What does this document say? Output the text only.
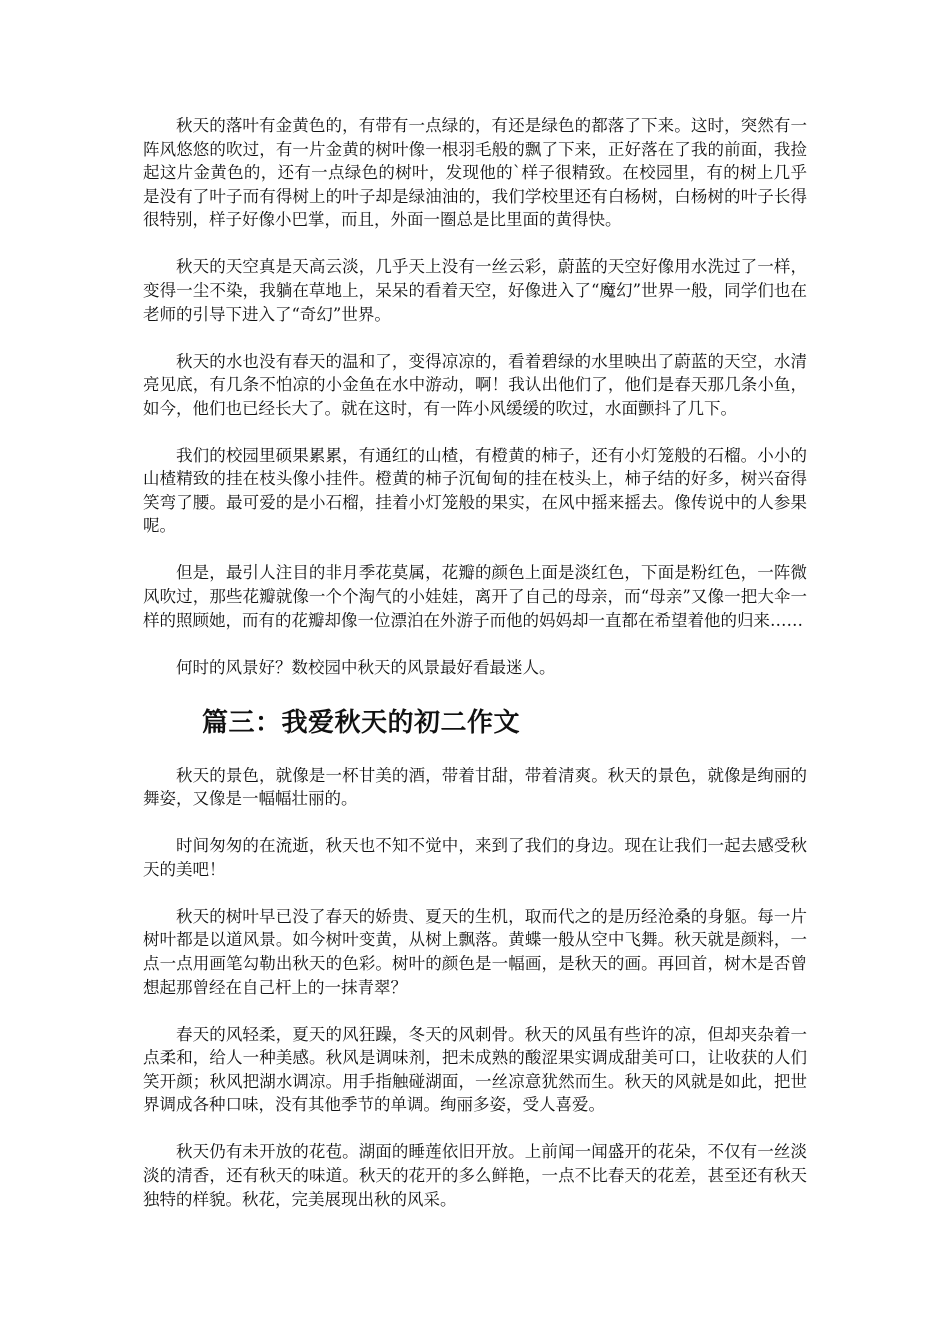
秋天的落叶有金黄色的，有带有一点绿的，有还是绿色的都落了下来。这时，突然有一阵风悠悠的吹过，有一片金黄的树叶像一根羽毛般的飘了下来，正好落在了我的前面，我捡起这片金黄色的，还有一点绿色的树叶，发现他的`样子很精致。在校园里，有的树上几乎是没有了叶子而有得树上的叶子却是绿油油的，我们学校里还有白杨树，白杨树的叶子长得很特别，样子好像小巴掌，而且，外面一圈总是比里面的黄得快。

秋天的天空真是天高云淡，几乎天上没有一丝云彩，蔚蓝的天空好像用水洗过了一样，变得一尘不染，我躺在草地上，呆呆的看着天空，好像进入了“魔幻”世界一般，同学们也在老师的引导下进入了“奇幻”世界。

秋天的水也没有春天的温和了，变得凉凉的，看着碧绿的水里映出了蔚蓝的天空，水清亮见底，有几条不怕凉的小金鱼在水中游动，啊！我认出他们了，他们是春天那几条小鱼，如今，他们也已经长大了。就在这时，有一阵小风缓缓的吹过，水面颤抖了几下。

我们的校园里硕果累累，有通红的山楂，有橙黄的柿子，还有小灯笼般的石榴。小小的山楂精致的挂在枝头像小挂件。橙黄的柿子沉甸甸的挂在枝头上，柿子结的好多，树兴奋得笑弯了腰。最可爱的是小石榴，挂着小灯笼般的果实，在风中摇来摇去。像传说中的人参果呢。

但是，最引人注目的非月季花莫属，花瓣的颜色上面是淡红色，下面是粉红色，一阵微风吹过，那些花瓣就像一个个淘气的小娃娃，离开了自己的母亲，而“母亲”又像一把大伞一样的照顾她，而有的花瓣却像一位漂泊在外游子而他的妈妈却一直都在希望着他的归来……

何时的风景好？数校园中秋天的风景最好看最迷人。

篇三：我爱秋天的初二作文

秋天的景色，就像是一杯甘美的酒，带着甘甜，带着清爽。秋天的景色，就像是绚丽的舞姿，又像是一幅幅壮丽的。

时间匆匆的在流逝，秋天也不知不觉中，来到了我们的身边。现在让我们一起去感受秋天的美吧！

秋天的树叶早已没了春天的娇贵、夏天的生机，取而代之的是历经沧桑的身躯。每一片树叶都是以道风景。如今树叶变黄，从树上飘落。黄蝶一般从空中飞舞。秋天就是颜料，一点一点用画笔勾勒出秋天的色彩。树叶的颜色是一幅画，是秋天的画。再回首，树木是否曾想起那曾经在自己杆上的一抹青翠？

春天的风轻柔，夏天的风狂躁，冬天的风刺骨。秋天的风虽有些许的凉，但却夹杂着一点柔和，给人一种美感。秋风是调味剂，把未成熟的酸涩果实调成甜美可口，让收获的人们笑开颜；秋风把湖水调凉。用手指触碰湖面，一丝凉意犹然而生。秋天的风就是如此，把世界调成各种口味，没有其他季节的单调。绚丽多姿，受人喜爱。

秋天仍有未开放的花苞。湖面的睡莲依旧开放。上前闻一闻盛开的花朵，不仅有一丝淡淡的清香，还有秋天的味道。秋天的花开的多么鲜艳，一点不比春天的花差，甚至还有秋天独特的样貌。秋花，完美展现出秋的风采。
